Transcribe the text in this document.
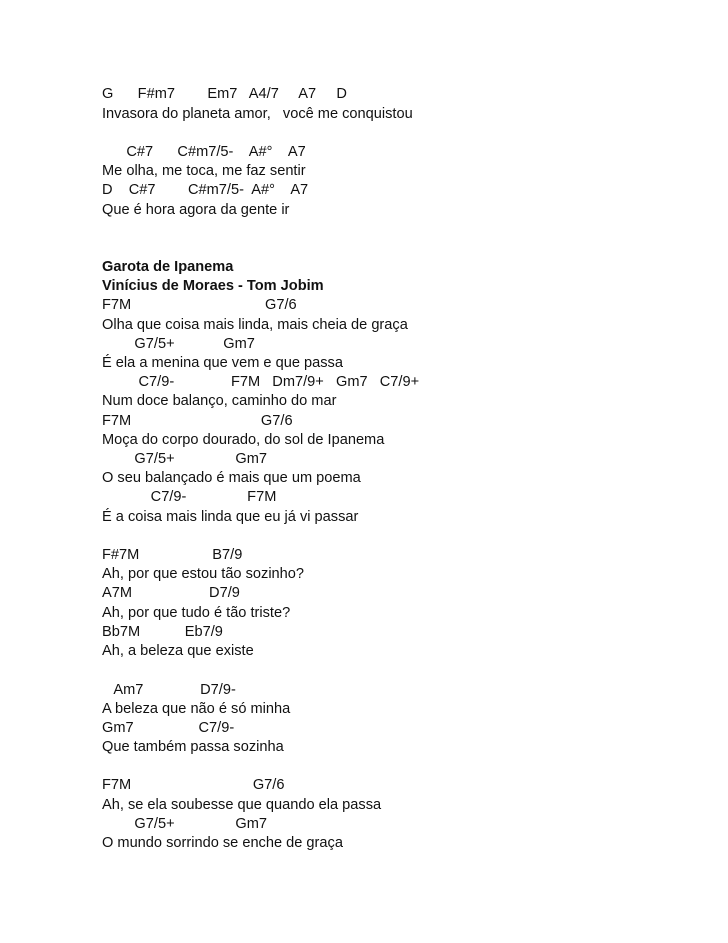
G      F#m7        Em7   A4/7     A7     D

Invasora do planeta amor,   você me conquistou

C#7      C#m7/5-    A#°    A7

Me olha, me toca, me faz sentir

D    C#7        C#m7/5-  A#°    A7

Que é hora agora da gente ir

Garota de Ipanema

Vinícius de Moraes - Tom Jobim

F7M                                 G7/6

Olha que coisa mais linda, mais cheia de graça

G7/5+            Gm7

É ela a menina que vem e que passa

C7/9-              F7M   Dm7/9+   Gm7   C7/9+

Num doce balanço, caminho do mar

F7M                                G7/6

Moça do corpo dourado, do sol de Ipanema

G7/5+               Gm7

O seu balançado é mais que um poema

C7/9-               F7M

É a coisa mais linda que eu já vi passar

F#7M                  B7/9

Ah, por que estou tão sozinho?

A7M                   D7/9

Ah, por que tudo é tão triste?

Bb7M           Eb7/9

Ah, a beleza que existe

Am7              D7/9-

A beleza que não é só minha

Gm7                C7/9-

Que também passa sozinha

F7M                              G7/6

Ah, se ela soubesse que quando ela passa

G7/5+               Gm7

O mundo sorrindo se enche de graça
